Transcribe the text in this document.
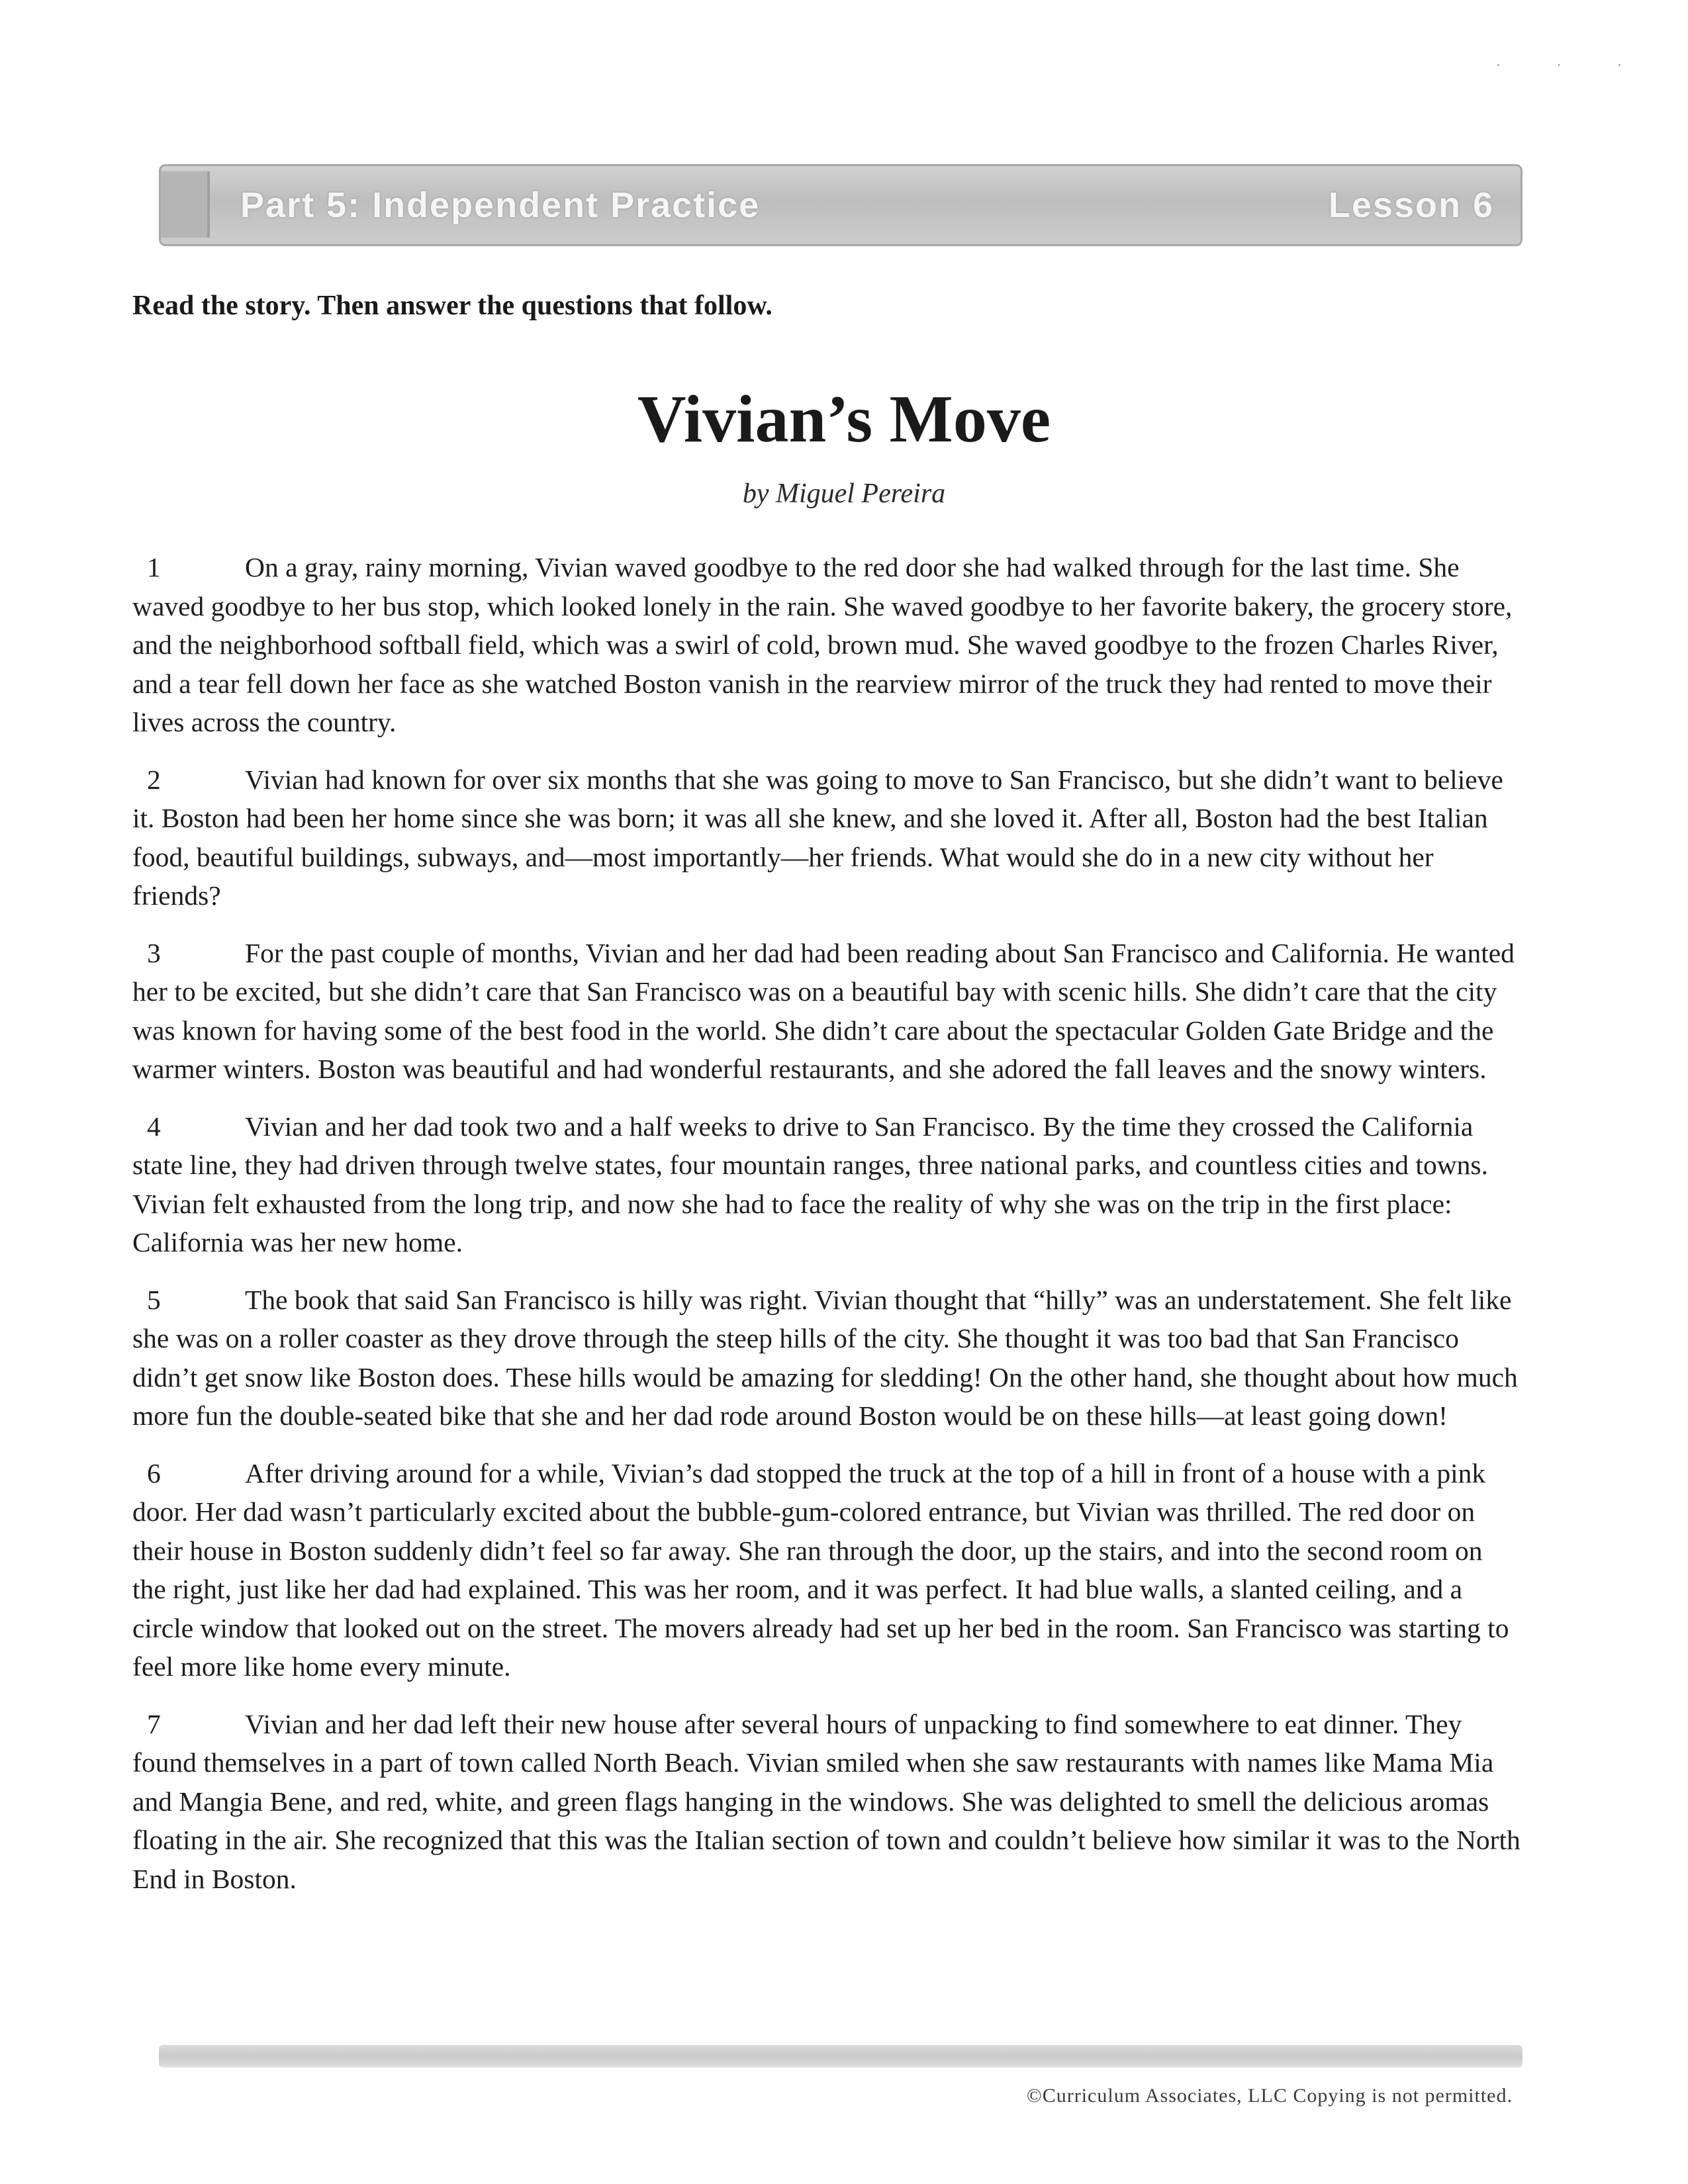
· · ·
Part 5: Independent Practice	Lesson 6
Read the story. Then answer the questions that follow.
Vivian’s Move
by Miguel Pereira

1	On a gray, rainy morning, Vivian waved goodbye to the red door she had walked through for the last time. She waved goodbye to her bus stop, which looked lonely in the rain. She waved goodbye to her favorite bakery, the grocery store, and the neighborhood softball field, which was a swirl of cold, brown mud. She waved goodbye to the frozen Charles River, and a tear fell down her face as she watched Boston vanish in the rearview mirror of the truck they had rented to move their lives across the country.

2	Vivian had known for over six months that she was going to move to San Francisco, but she didn’t want to believe it. Boston had been her home since she was born; it was all she knew, and she loved it. After all, Boston had the best Italian food, beautiful buildings, subways, and—most importantly—her friends. What would she do in a new city without her friends?

3	For the past couple of months, Vivian and her dad had been reading about San Francisco and California. He wanted her to be excited, but she didn’t care that San Francisco was on a beautiful bay with scenic hills. She didn’t care that the city was known for having some of the best food in the world. She didn’t care about the spectacular Golden Gate Bridge and the warmer winters. Boston was beautiful and had wonderful restaurants, and she adored the fall leaves and the snowy winters.

4	Vivian and her dad took two and a half weeks to drive to San Francisco. By the time they crossed the California state line, they had driven through twelve states, four mountain ranges, three national parks, and countless cities and towns. Vivian felt exhausted from the long trip, and now she had to face the reality of why she was on the trip in the first place: California was her new home.

5	The book that said San Francisco is hilly was right. Vivian thought that “hilly” was an understatement. She felt like she was on a roller coaster as they drove through the steep hills of the city. She thought it was too bad that San Francisco didn’t get snow like Boston does. These hills would be amazing for sledding! On the other hand, she thought about how much more fun the double-seated bike that she and her dad rode around Boston would be on these hills—at least going down!

6	After driving around for a while, Vivian’s dad stopped the truck at the top of a hill in front of a house with a pink door. Her dad wasn’t particularly excited about the bubble-gum-colored entrance, but Vivian was thrilled. The red door on their house in Boston suddenly didn’t feel so far away. She ran through the door, up the stairs, and into the second room on the right, just like her dad had explained. This was her room, and it was perfect. It had blue walls, a slanted ceiling, and a circle window that looked out on the street. The movers already had set up her bed in the room. San Francisco was starting to feel more like home every minute.

7	Vivian and her dad left their new house after several hours of unpacking to find somewhere to eat dinner. They found themselves in a part of town called North Beach. Vivian smiled when she saw restaurants with names like Mama Mia and Mangia Bene, and red, white, and green flags hanging in the windows. She was delighted to smell the delicious aromas floating in the air. She recognized that this was the Italian section of town and couldn’t believe how similar it was to the North End in Boston.

©Curriculum Associates, LLC Copying is not permitted.
